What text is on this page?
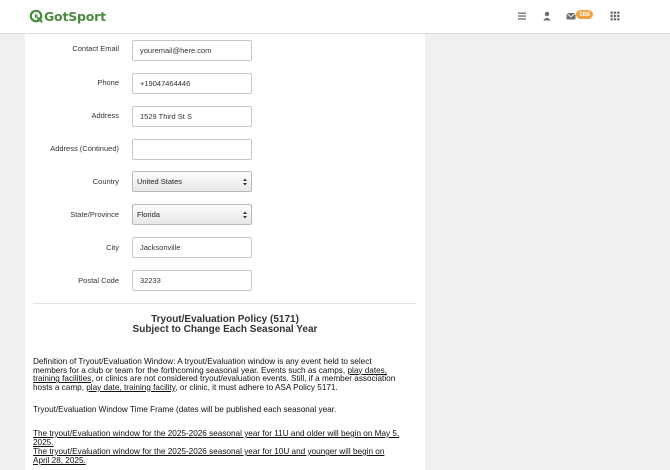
GotSport	168
Contact Email	youremail@here.com
Phone	+19047464446
Address	1529 Third St S
Address (Continued)
Country	United States
State/Province	Florida
City	Jacksonville
Postal Code	32233
Tryout/Evaluation Policy (5171)
Subject to Change Each Seasonal Year
Definition of Tryout/Evaluation Window: A tryout/Evaluation window is any event held to select
members for a club or team for the forthcoming seasonal year. Events such as camps, play dates,
training facilities, or clinics are not considered tryout/evaluation events. Still, if a member association
hosts a camp, play date, training facility, or clinic, it must adhere to ASA Policy 5171.
Tryout/Evaluation Window Time Frame (dates will be published each seasonal year.
The tryout/Evaluation window for the 2025-2026 seasonal year for 11U and older will begin on May 5,
2025.
The tryout/Evaluation window for the 2025-2026 seasonal year for 10U and younger will begin on
April 28, 2025.
